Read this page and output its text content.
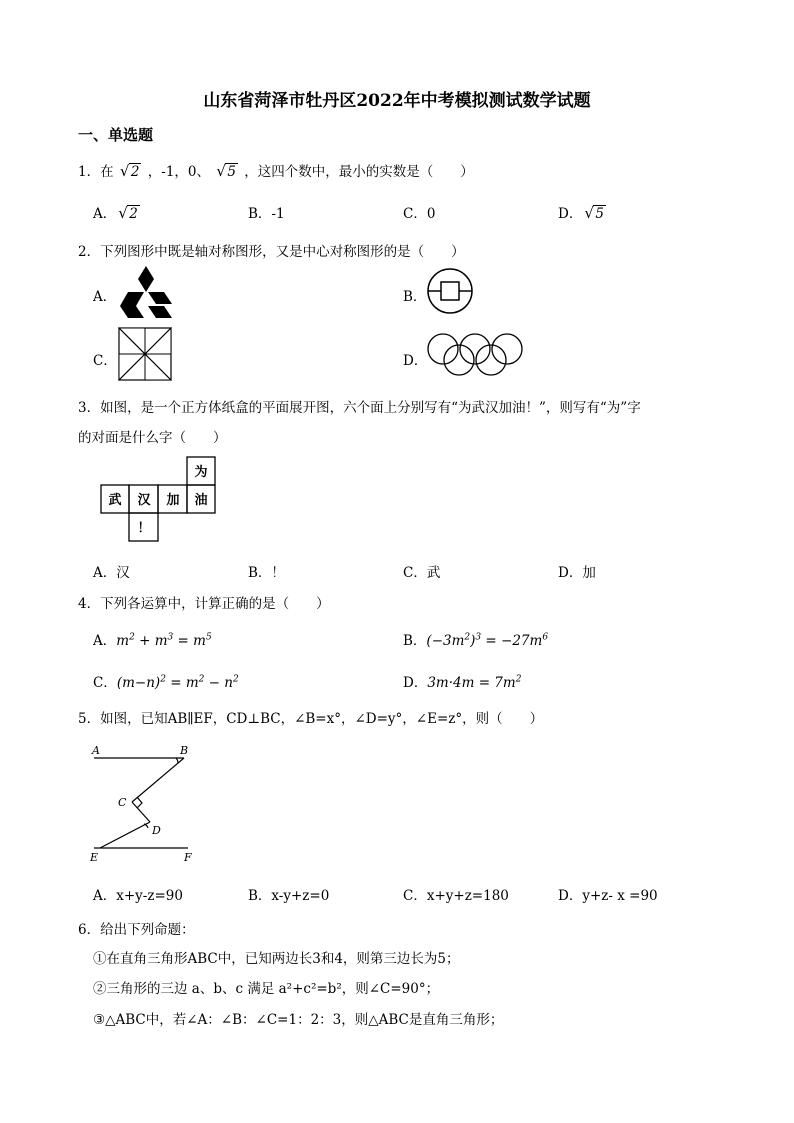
山东省菏泽市牡丹区2022年中考模拟测试数学试题
一、单选题
1．在 √ 2 ，-1，0、 √ 5 ，这四个数中，最小的实数是（　　）
A． √ 2	B．-1	C．0	D． √ 5
2．下列图形中既是轴对称图形，又是中心对称图形的是（　　）
A．	B．
C．	D．
3．如图，是一个正方体纸盒的平面展开图，六个面上分别写有“为武汉加油！”，则写有“为”字
的对面是什么字（　　）
为
武 汉 加 油
！
A．汉	B．！	C．武	D．加
4．下列各运算中，计算正确的是（　　）
A．$m^2 + m^3 = m^5$	B．$(-3m^2)^3 = -27m^6$
C．$(m-n)^2 = m^2 - n^2$	D．$3m\cdot 4m = 7m^2$
5．如图，已知AB∥EF，CD⊥BC，∠B=x°，∠D=y°，∠E=z°，则（　　）
A	B
C
D
E	F
A．x+y-z=90	B．x-y+z=0	C．x+y+z=180	D．y+z- x =90
6．给出下列命题：
①在直角三角形ABC中，已知两边长3和4，则第三边长为5；
②三角形的三边 a、b、c 满足 a²+c²=b²，则∠C=90°；
③△ABC中，若∠A：∠B：∠C=1：2：3，则△ABC是直角三角形；
